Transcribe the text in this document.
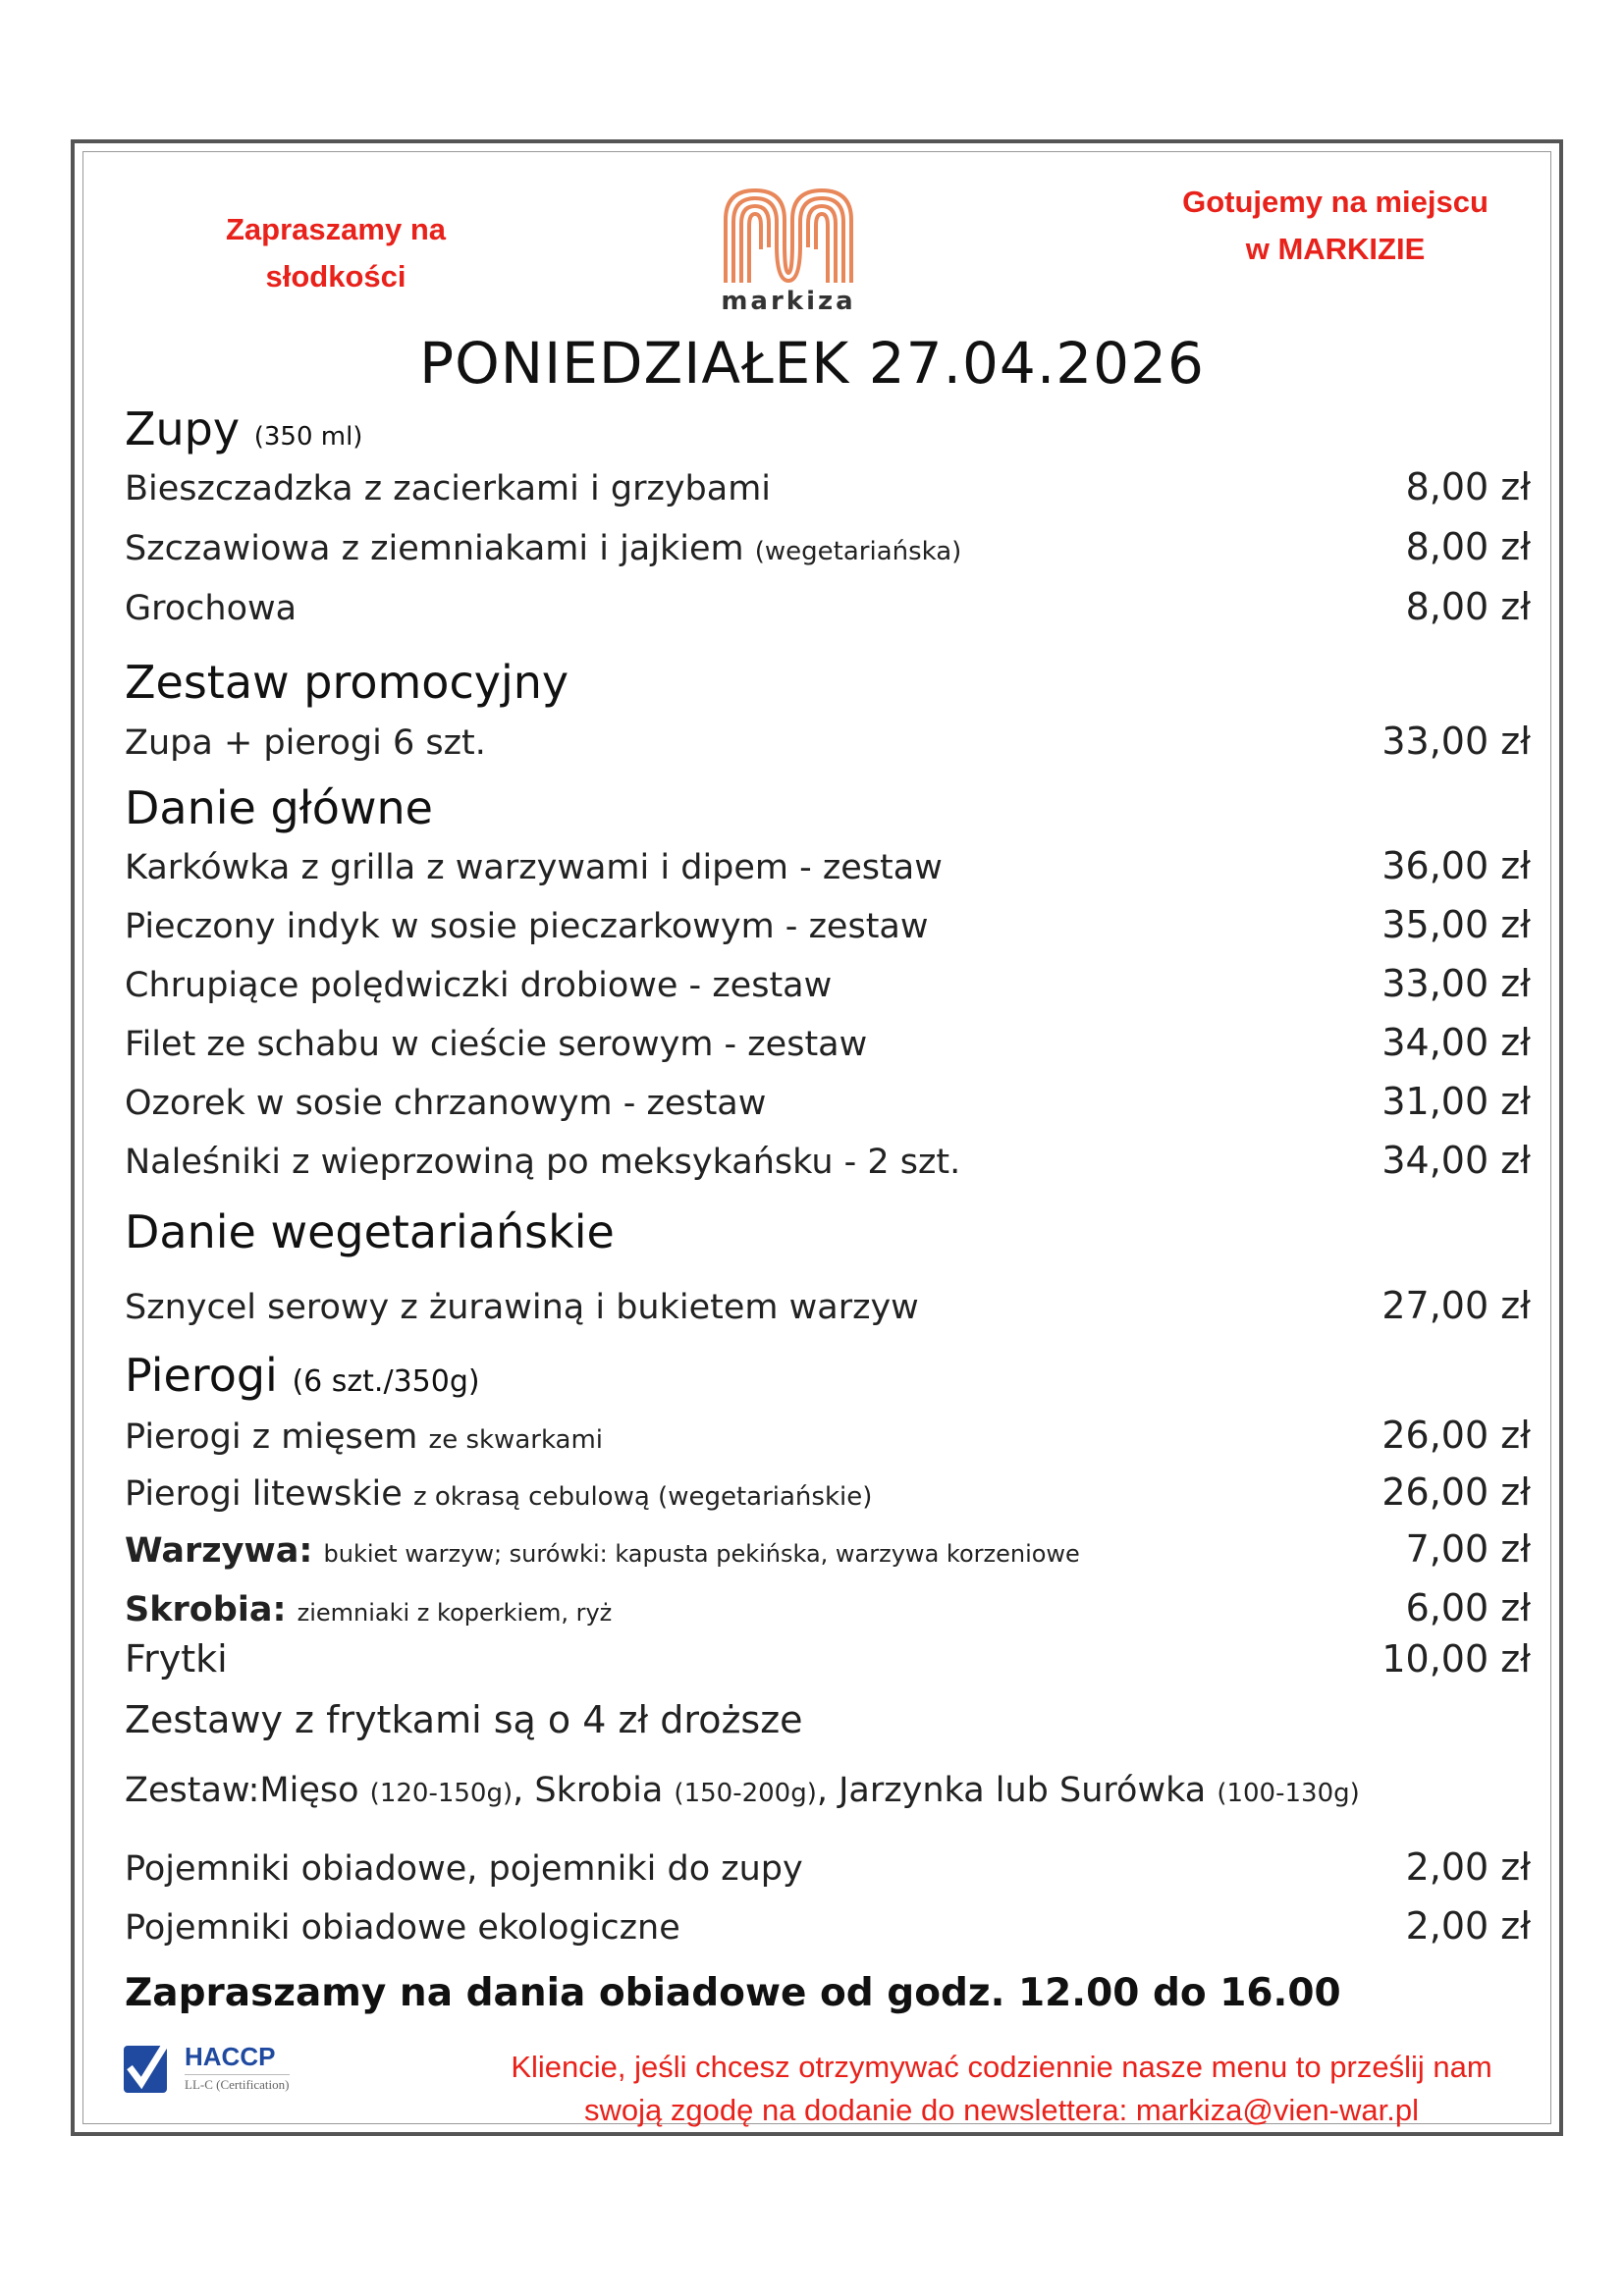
Zapraszamy na
słodkości
markiza
Gotujemy na miejscu
w MARKIZIE
PONIEDZIAŁEK 27.04.2026
Zupy (350 ml)
Bieszczadzka z zacierkami i grzybami	8,00 zł
Szczawiowa z ziemniakami i jajkiem (wegetariańska)	8,00 zł
Grochowa	8,00 zł
Zestaw promocyjny
Zupa + pierogi 6 szt.	33,00 zł
Danie główne
Karkówka z grilla z warzywami i dipem - zestaw	36,00 zł
Pieczony indyk w sosie pieczarkowym - zestaw	35,00 zł
Chrupiące polędwiczki drobiowe - zestaw	33,00 zł
Filet ze schabu w cieście serowym - zestaw	34,00 zł
Ozorek w sosie chrzanowym - zestaw	31,00 zł
Naleśniki z wieprzowiną po meksykańsku - 2 szt.	34,00 zł
Danie wegetariańskie
Sznycel serowy z żurawiną i bukietem warzyw	27,00 zł
Pierogi (6 szt./350g)
Pierogi z mięsem ze skwarkami	26,00 zł
Pierogi litewskie z okrasą cebulową (wegetariańskie)	26,00 zł
Warzywa: bukiet warzyw; surówki: kapusta pekińska, warzywa korzeniowe	7,00 zł
Skrobia: ziemniaki z koperkiem, ryż	6,00 zł
Frytki	10,00 zł
Zestawy z frytkami są o 4 zł droższe
Zestaw:Mięso (120-150g), Skrobia (150-200g), Jarzynka lub Surówka (100-130g)
Pojemniki obiadowe, pojemniki do zupy	2,00 zł
Pojemniki obiadowe ekologiczne	2,00 zł
Zapraszamy na dania obiadowe od godz. 12.00 do 16.00
HACCP
LL-C (Certification)
Kliencie, jeśli chcesz otrzymywać codziennie nasze menu to prześlij nam
swoją zgodę na dodanie do newslettera: markiza@vien-war.pl
